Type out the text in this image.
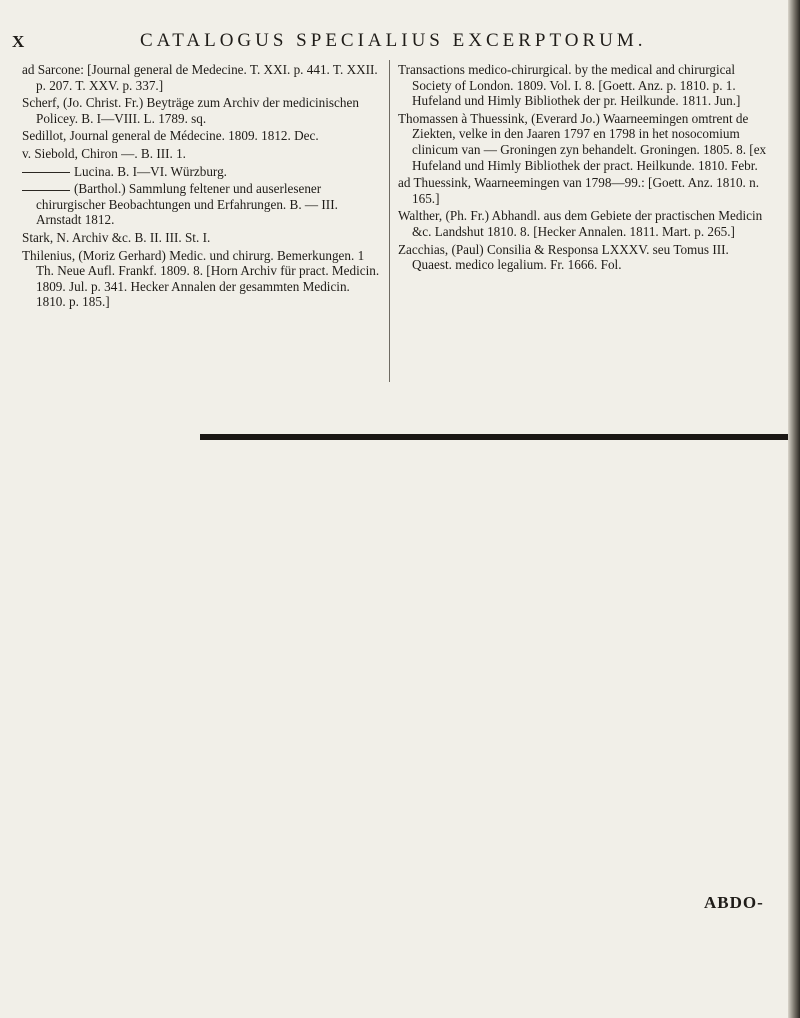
X	CATALOGUS SPECIALIUS EXCERPTORUM.

ad Sarcone: [Journal general de Medecine. T. XXI. p. 441. T. XXII. p. 207. T. XXV. p. 337.]

Scherf, (Jo. Christ. Fr.) Beyträge zum Archiv der medicinischen Policey. B. I—VIII. L. 1789. sq.

Sedillot, Journal general de Médecine. 1809. 1812. Dec.

v. Siebold, Chiron —. B. III. 1.

Lucina. B. I—VI. Würzburg.

(Barthol.) Sammlung feltener und auserlesener chirurgischer Beobachtungen und Erfahrungen. B. — III. Arnstadt 1812.

Stark, N. Archiv &c. B. II. III. St. I.

Thilenius, (Moriz Gerhard) Medic. und chirurg. Bemerkungen. 1 Th. Neue Aufl. Frankf. 1809. 8. [Horn Archiv für pract. Medicin. 1809. Jul. p. 341. Hecker Annalen der gesammten Medicin. 1810. p. 185.]

Transactions medico-chirurgical. by the medical and chirurgical Society of London. 1809. Vol. I. 8. [Goett. Anz. p. 1810. p. 1. Hufeland und Himly Bibliothek der pr. Heilkunde. 1811. Jun.]

Thomassen à Thuessink, (Everard Jo.) Waarneemingen omtrent de Ziekten, velke in den Jaaren 1797 en 1798 in het nosocomium clinicum van — Groningen zyn behandelt. Groningen. 1805. 8. [ex Hufeland und Himly Bibliothek der pract. Heilkunde. 1810. Febr.

ad Thuessink, Waarneemingen van 1798—99.: [Goett. Anz. 1810. n. 165.]

Walther, (Ph. Fr.) Abhandl. aus dem Gebiete der practischen Medicin &c. Landshut 1810. 8. [Hecker Annalen. 1811. Mart. p. 265.]

Zacchias, (Paul) Consilia & Responsa LXXXV. seu Tomus III. Quaest. medico legalium. Fr. 1666. Fol.

ABDO-
